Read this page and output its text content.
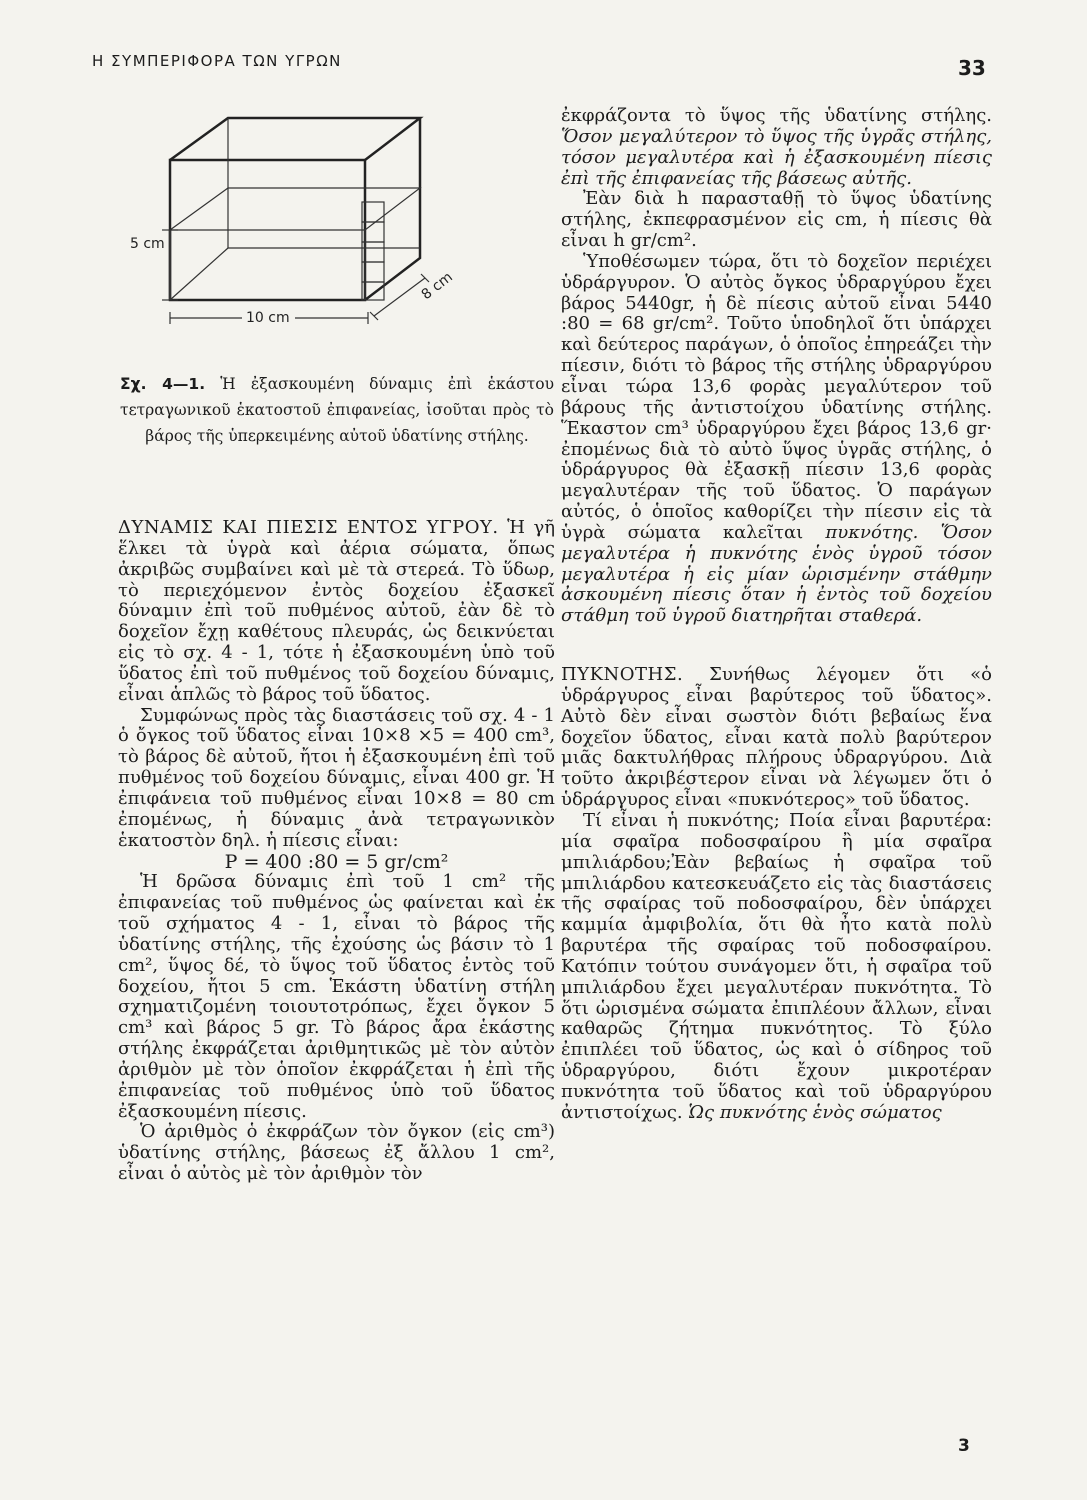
Η ΣΥΜΠΕΡΙΦΟΡΑ ΤΩΝ ΥΓΡΩΝ	33
5 cm
10 cm
8 cm
Σχ. 4—1. Ἡ ἐξασκουμένη δύναμις ἐπὶ ἑκάστου τετραγωνικοῦ ἑκατοστοῦ ἐπιφανείας, ἰσοῦται πρὸς τὸ βάρος τῆς ὑπερκειμένης αὐτοῦ ὑδατίνης στήλης.

ΔΥΝΑΜΙΣ ΚΑΙ ΠΙΕΣΙΣ ΕΝΤΟΣ ΥΓΡΟΥ. Ἡ γῆ ἕλκει τὰ ὑγρὰ καὶ ἀέρια σώματα, ὅπως ἀκριβῶς συμβαίνει καὶ μὲ τὰ στερεά. Τὸ ὕδωρ, τὸ περιεχόμενον ἐντὸς δοχείου ἐξασκεῖ δύναμιν ἐπὶ τοῦ πυθμένος αὐτοῦ, ἐὰν δὲ τὸ δοχεῖον ἔχῃ καθέτους πλευράς, ὡς δεικνύεται εἰς τὸ σχ. 4 - 1, τότε ἡ ἐξασκουμένη ὑπὸ τοῦ ὕδατος ἐπὶ τοῦ πυθμένος τοῦ δοχείου δύναμις, εἶναι ἁπλῶς τὸ βάρος τοῦ ὕδατος.

Συμφώνως πρὸς τὰς διαστάσεις τοῦ σχ. 4 - 1 ὁ ὄγκος τοῦ ὕδατος εἶναι 10×8 ×5 = 400 cm³, τὸ βάρος δὲ αὐτοῦ, ἤτοι ἡ ἐξασκουμένη ἐπὶ τοῦ πυθμένος τοῦ δοχείου δύναμις, εἶναι 400 gr. Ἡ ἐπιφάνεια τοῦ πυθμένος εἶναι 10×8 = 80 cm ἐπομένως, ἡ δύναμις ἀνὰ τετραγωνικὸν ἑκατοστὸν δηλ. ἡ πίεσις εἶναι:

P = 400 :80 = 5 gr/cm²

Ἡ δρῶσα δύναμις ἐπὶ τοῦ 1 cm² τῆς ἐπιφανείας τοῦ πυθμένος ὡς φαίνεται καὶ ἐκ τοῦ σχήματος 4 - 1, εἶναι τὸ βάρος τῆς ὑδατίνης στήλης, τῆς ἐχούσης ὡς βάσιν τὸ 1 cm², ὕψος δέ, τὸ ὕψος τοῦ ὕδατος ἐντὸς τοῦ δοχείου, ἤτοι 5 cm. Ἑκάστη ὑδατίνη στήλη σχηματιζομένη τοιουτοτρόπως, ἔχει ὄγκον 5 cm³ καὶ βάρος 5 gr. Τὸ βάρος ἄρα ἑκάστης στήλης ἐκφράζεται ἀριθμητικῶς μὲ τὸν αὐτὸν ἀριθμὸν μὲ τὸν ὁποῖον ἐκφράζεται ἡ ἐπὶ τῆς ἐπιφανείας τοῦ πυθμένος ὑπὸ τοῦ ὕδατος ἐξασκουμένη πίεσις.

Ὁ ἀριθμὸς ὁ ἐκφράζων τὸν ὄγκον (εἰς cm³) ὑδατίνης στήλης, βάσεως ἐξ ἄλλου 1 cm², εἶναι ὁ αὐτὸς μὲ τὸν ἀριθμὸν τὸν

ἐκφράζοντα τὸ ὕψος τῆς ὑδατίνης στήλης. Ὅσον μεγαλύτερον τὸ ὕψος τῆς ὑγρᾶς στήλης, τόσον μεγαλυτέρα καὶ ἡ ἐξασκουμένη πίεσις ἐπὶ τῆς ἐπιφανείας τῆς βάσεως αὐτῆς.

Ἐὰν διὰ h παρασταθῇ τὸ ὕψος ὑδατίνης στήλης, ἐκπεφρασμένον εἰς cm, ἡ πίεσις θὰ εἶναι h gr/cm².

Ὑποθέσωμεν τώρα, ὅτι τὸ δοχεῖον περιέχει ὑδράργυρον. Ὁ αὐτὸς ὄγκος ὑδραργύρου ἔχει βάρος 5440gr, ἡ δὲ πίεσις αὐτοῦ εἶναι 5440 :80 = 68 gr/cm². Τοῦτο ὑποδηλοῖ ὅτι ὑπάρχει καὶ δεύτερος παράγων, ὁ ὁποῖος ἐπηρεάζει τὴν πίεσιν, διότι τὸ βάρος τῆς στήλης ὑδραργύρου εἶναι τώρα 13,6 φορὰς μεγαλύτερον τοῦ βάρους τῆς ἀντιστοίχου ὑδατίνης στήλης. Ἕκαστον cm³ ὑδραργύρου ἔχει βάρος 13,6 gr· ἐπομένως διὰ τὸ αὐτὸ ὕψος ὑγρᾶς στήλης, ὁ ὑδράργυρος θὰ ἐξασκῇ πίεσιν 13,6 φορὰς μεγαλυτέραν τῆς τοῦ ὕδατος. Ὁ παράγων αὐτός, ὁ ὁποῖος καθορίζει τὴν πίεσιν εἰς τὰ ὑγρὰ σώματα καλεῖται πυκνότης. Ὅσον μεγαλυτέρα ἡ πυκνότης ἑνὸς ὑγροῦ τόσον μεγαλυτέρα ἡ εἰς μίαν ὡρισμένην στάθμην ἀσκουμένη πίεσις ὅταν ἡ ἐντὸς τοῦ δοχείου στάθμη τοῦ ὑγροῦ διατηρῆται σταθερά.

ΠΥΚΝΟΤΗΣ. Συνήθως λέγομεν ὅτι «ὁ ὑδράργυρος εἶναι βαρύτερος τοῦ ὕδατος». Αὐτὸ δὲν εἶναι σωστὸν διότι βεβαίως ἕνα δοχεῖον ὕδατος, εἶναι κατὰ πολὺ βαρύτερον μιᾶς δακτυλήθρας πλήρους ὑδραργύρου. Διὰ τοῦτο ἀκριβέστερον εἶναι νὰ λέγωμεν ὅτι ὁ ὑδράργυρος εἶναι «πυκνότερος» τοῦ ὕδατος.

Τί εἶναι ἡ πυκνότης; Ποία εἶναι βαρυτέρα: μία σφαῖρα ποδοσφαίρου ἢ μία σφαῖρα μπιλιάρδου;Ἐὰν βεβαίως ἡ σφαῖρα τοῦ μπιλιάρδου κατεσκευάζετο εἰς τὰς διαστάσεις τῆς σφαίρας τοῦ ποδοσφαίρου, δὲν ὑπάρχει καμμία ἀμφιβολία, ὅτι θὰ ἦτο κατὰ πολὺ βαρυτέρα τῆς σφαίρας τοῦ ποδοσφαίρου. Κατόπιν τούτου συνάγομεν ὅτι, ἡ σφαῖρα τοῦ μπιλιάρδου ἔχει μεγαλυτέραν πυκνότητα. Τὸ ὅτι ὡρισμένα σώματα ἐπιπλέουν ἄλλων, εἶναι καθαρῶς ζήτημα πυκνότητος. Τὸ ξύλο ἐπιπλέει τοῦ ὕδατος, ὡς καὶ ὁ σίδηρος τοῦ ὑδραργύρου, διότι ἔχουν μικροτέραν πυκνότητα τοῦ ὕδατος καὶ τοῦ ὑδραργύρου ἀντιστοίχως. Ὡς πυκνότης ἑνὸς σώματος

3
